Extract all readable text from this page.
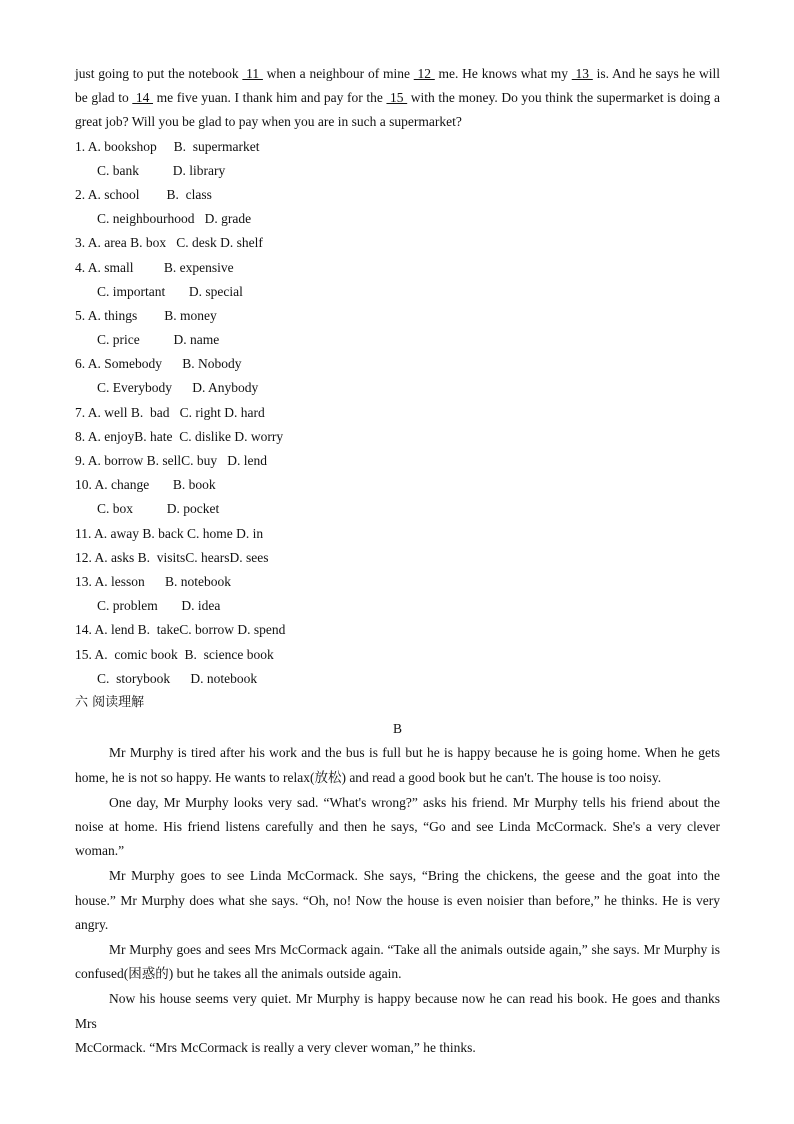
just going to put the notebook  11  when a neighbour of mine  12  me. He knows what my  13  is. And he says he will be glad to  14  me five yuan. I thank him and pay for the  15  with the money. Do you think the supermarket is doing a great job? Will you be glad to pay when you are in such a supermarket?

1. A. bookshop     B.  supermarket
C. bank          D. library
2. A. school        B.  class
C. neighbourhood   D. grade
3. A. area B. box   C. desk D. shelf
4. A. small         B. expensive
C. important       D. special
5. A. things        B. money
C. price          D. name
6. A. Somebody      B. Nobody
C. Everybody      D. Anybody
7. A. well B.  bad   C. right D. hard
8. A. enjoyB. hate  C. dislike D. worry
9. A. borrow B. sellC. buy   D. lend
10. A. change       B. book
C. box          D. pocket
11. A. away B. back C. home D. in
12. A. asks B.  visitsC. hearsD. sees
13. A. lesson      B. notebook
C. problem       D. idea
14. A. lend B.  takeC. borrow D. spend
15. A.  comic book  B.  science book
C.  storybook      D. notebook
六 阅读理解
B

Mr Murphy is tired after his work and the bus is full but he is happy because he is going home. When he gets home, he is not so happy. He wants to relax(放松) and read a good book but he can't. The house is too noisy.

One day, Mr Murphy looks very sad. “What's wrong?” asks his friend. Mr Murphy tells his friend about the noise at home. His friend listens carefully and then he says, “Go and see Linda McCormack. She's a very clever woman.”

Mr Murphy goes to see Linda McCormack. She says, “Bring the chickens, the geese and the goat into the house.” Mr Murphy does what she says. “Oh, no! Now the house is even noisier than before,” he thinks. He is very angry.

Mr Murphy goes and sees Mrs McCormack again. “Take all the animals outside again,” she says. Mr Murphy is confused(困惑的) but he takes all the animals outside again.

Now his house seems very quiet. Mr Murphy is happy because now he can read his book. He goes and thanks Mrs

McCormack. “Mrs McCormack is really a very clever woman,” he thinks.
